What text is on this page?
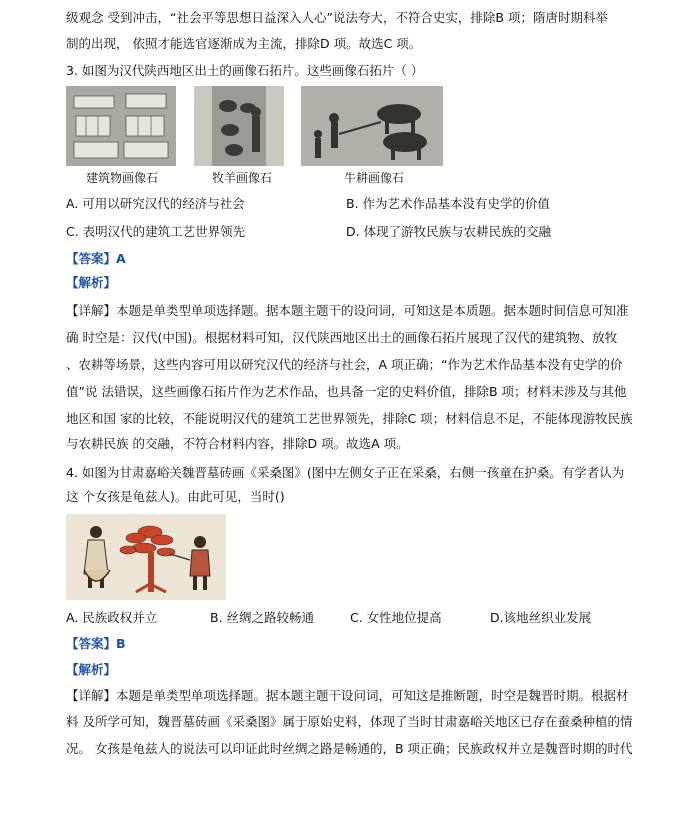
级观念 受到冲击，“社会平等思想日益深入人心”说法夸大，不符合史实，排除B 项；隋唐时期科举
制的出现， 依照才能选官逐渐成为主流，排除D 项。故选C 项。
3. 如图为汉代陕西地区出土的画像石拓片。这些画像石拓片（ ）
建筑物画像石	牧羊画像石	牛耕画像石
A. 可用以研究汉代的经济与社会	B. 作为艺术作品基本没有史学的价值
C. 表明汉代的建筑工艺世界领先	D. 体现了游牧民族与农耕民族的交融
【答案】A
【解析】
【详解】本题是单类型单项选择题。据本题主题干的设问词，可知这是本质题。据本题时间信息可知准
确 时空是：汉代(中国)。根据材料可知，汉代陕西地区出土的画像石拓片展现了汉代的建筑物、放牧
、农耕等场景，这些内容可用以研究汉代的经济与社会，A 项正确；“作为艺术作品基本没有史学的价
值”说 法错误，这些画像石拓片作为艺术作品，也具备一定的史料价值，排除B 项；材料未涉及与其他
地区和国 家的比较，不能说明汉代的建筑工艺世界领先，排除C 项；材料信息不足，不能体现游牧民族
与农耕民族 的交融，不符合材料内容，排除D 项。故选A 项。
4. 如图为甘肃嘉峪关魏晋墓砖画《采桑图》(图中左侧女子正在采桑，右侧一孩童在护桑。有学者认为
这 个女孩是龟兹人)。由此可见，当时()
A. 民族政权并立	B. 丝绸之路较畅通	C. 女性地位提高	D.该地丝织业发展
【答案】B
【解析】
【详解】本题是单类型单项选择题。据本题主题干设问词，可知这是推断题，时空是魏晋时期。根据材
料 及所学可知，魏晋墓砖画《采桑图》属于原始史料，体现了当时甘肃嘉峪关地区已存在蚕桑种植的情
况。 女孩是龟兹人的说法可以印证此时丝绸之路是畅通的，B 项正确；民族政权并立是魏晋时期的时代
